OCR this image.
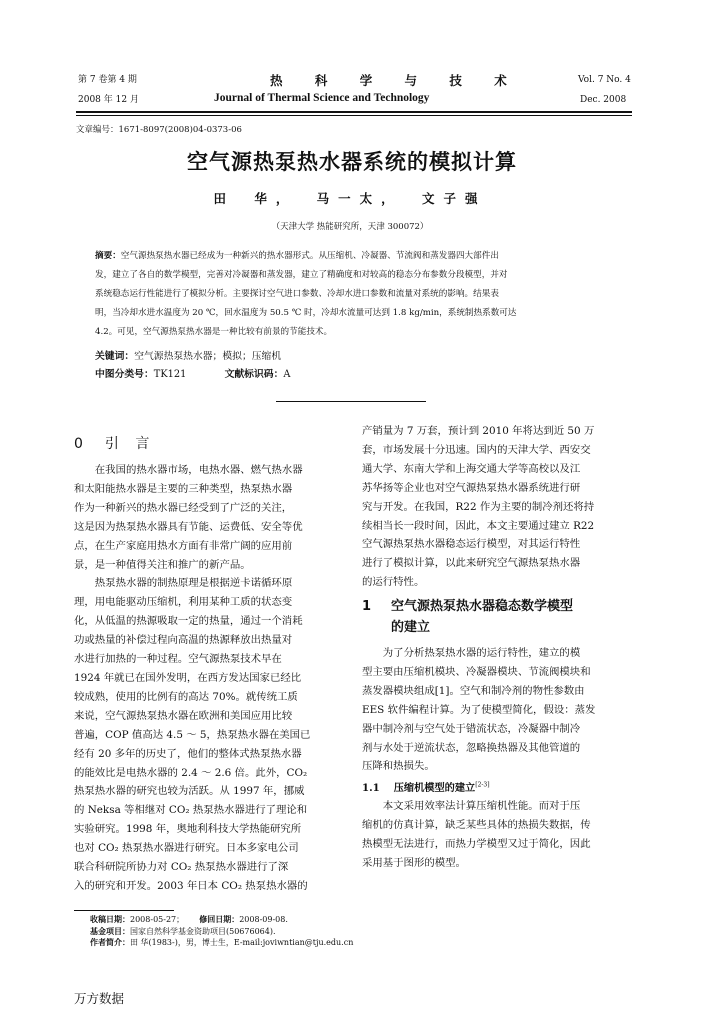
第 7 卷第 4 期
2008 年 12 月
热 科 学 与 技 术
Journal of Thermal Science and Technology
Vol. 7 No. 4
Dec. 2008
文章编号：1671-8097(2008)04-0373-06
空气源热泵热水器系统的模拟计算
田 华， 马一太， 文子强
（天津大学 热能研究所，天津 300072）
摘要：空气源热泵热水器已经成为一种新兴的热水器形式。从压缩机、冷凝器、节流阀和蒸发器四大部件出
发，建立了各自的数学模型，完善对冷凝器和蒸发器，建立了精确度和对较高的稳态分布参数分段模型，并对
系统稳态运行性能进行了模拟分析。主要探讨空气进口参数、冷却水进口参数和流量对系统的影响。结果表
明，当冷却水进水温度为 20 ℃，回水温度为 50.5 ℃ 时，冷却水流量可达到 1.8 kg/min，系统制热系数可达
4.2。可见，空气源热泵热水器是一种比较有前景的节能技术。
关键词：空气源热泵热水器；模拟；压缩机
中图分类号：TK121	文献标识码：A
0 引 言

在我国的热水器市场，电热水器、燃气热水器
和太阳能热水器是主要的三种类型，热泵热水器
作为一种新兴的热水器已经受到了广泛的关注，
这是因为热泵热水器具有节能、运费低、安全等优
点，在生产家庭用热水方面有非常广阔的应用前
景，是一种值得关注和推广的新产品。

热泵热水器的制热原理是根据逆卡诺循环原
理，用电能驱动压缩机，利用某种工质的状态变
化，从低温的热源吸取一定的热量，通过一个消耗
功或热量的补偿过程向高温的热源释放出热量对
水进行加热的一种过程。空气源热泵技术早在
1924 年就已在国外发明，在西方发达国家已经比
较成熟，使用的比例有的高达 70%。就传统工质
来说，空气源热泵热水器在欧洲和美国应用比较
普遍，COP 值高达 4.5 ～ 5，热泵热水器在美国已
经有 20 多年的历史了，他们的整体式热泵热水器
的能效比是电热水器的 2.4 ～ 2.6 倍。此外，CO₂
热泵热水器的研究也较为活跃。从 1997 年，挪威
的 Neksa 等相继对 CO₂ 热泵热水器进行了理论和
实验研究。1998 年，奥地利科技大学热能研究所
也对 CO₂ 热泵热水器进行研究。日本多家电公司
联合科研院所协力对 CO₂ 热泵热水器进行了深
入的研究和开发。2003 年日本 CO₂ 热泵热水器的

产销量为 7 万套，预计到 2010 年将达到近 50 万
套，市场发展十分迅速。国内的天津大学、西安交
通大学、东南大学和上海交通大学等高校以及江
苏华扬等企业也对空气源热泵热水器系统进行研
究与开发。在我国，R22 作为主要的制冷剂还将持
续相当长一段时间，因此，本文主要通过建立 R22
空气源热泵热水器稳态运行模型，对其运行特性
进行了模拟计算，以此来研究空气源热泵热水器
的运行特性。
1 空气源热泵热水器稳态数学模型
的建立

为了分析热泵热水器的运行特性，建立的模
型主要由压缩机模块、冷凝器模块、节流阀模块和
蒸发器模块组成[1]。空气和制冷剂的物性参数由
EES 软件编程计算。为了使模型简化，假设：蒸发
器中制冷剂与空气处于错流状态，冷凝器中制冷
剂与水处于逆流状态，忽略换热器及其他管道的
压降和热损失。

1.1 压缩机模型的建立[2-3]

本文采用效率法计算压缩机性能。而对于压
缩机的仿真计算，缺乏某些具体的热损失数据，传
热模型无法进行，而热力学模型又过于简化，因此
采用基于图形的模型。

收稿日期：2008-05-27； 修回日期：2008-09-08.
基金项目：国家自然科学基金资助项目(50676064).
作者简介：田 华(1983-)，男，博士生，E-mail:joviwntian@tju.edu.cn
万方数据
